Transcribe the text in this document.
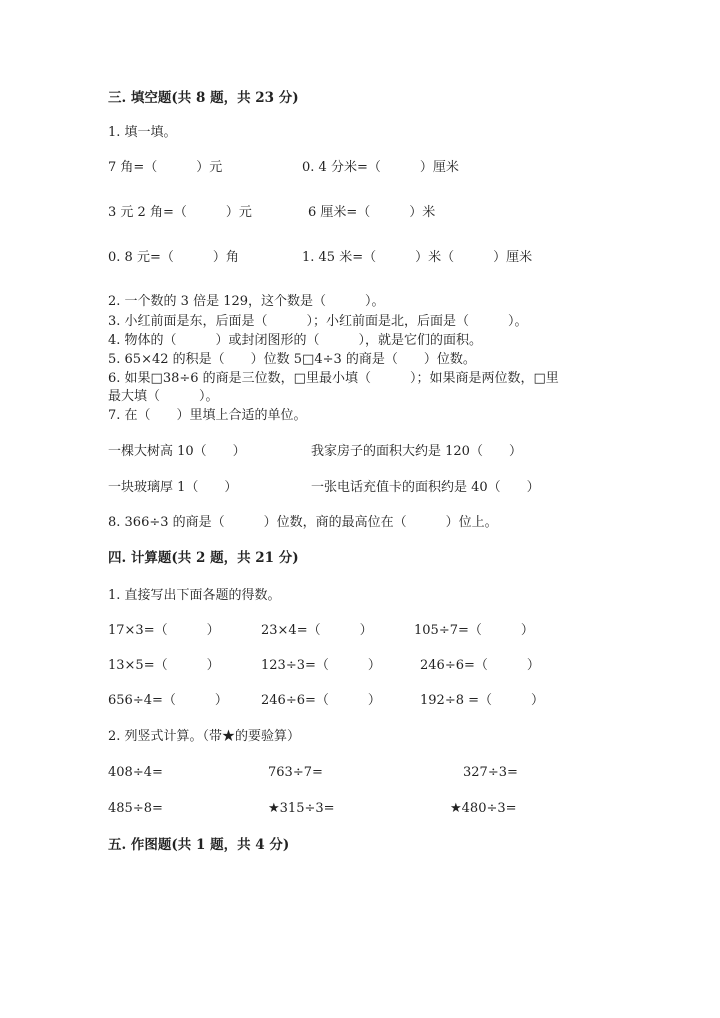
三. 填空题(共 8 题，共 23 分)
1. 填一填。
7 角=（　　　）元	0. 4 分米=（　　　）厘米
3 元 2 角=（　　　）元	6 厘米=（　　　）米
0. 8 元=（　　　）角	1. 45 米=（　　　）米（　　　）厘米
2. 一个数的 3 倍是 129，这个数是（　　　）。
3. 小红前面是东，后面是（　　　）；小红前面是北，后面是（　　　）。
4. 物体的（　　　）或封闭图形的（　　　），就是它们的面积。
5. 65×42 的积是（　　）位数 5□4÷3 的商是（　　）位数。
6. 如果□38÷6 的商是三位数，□里最小填（　　　）；如果商是两位数，□里
最大填（　　　）。
7. 在（　　）里填上合适的单位。
一棵大树高 10（　　）	我家房子的面积大约是 120（　　）
一块玻璃厚 1（　　）	一张电话充值卡的面积约是 40（　　）
8. 366÷3 的商是（　　　）位数，商的最高位在（　　　）位上。
四. 计算题(共 2 题，共 21 分)
1. 直接写出下面各题的得数。
17×3=（　　　）	23×4=（　　　）	105÷7=（　　　）
13×5=（　　　）	123÷3=（　　　）	246÷6=（　　　）
656÷4=（　　　）	246÷6=（　　　）	192÷8 =（　　　）
2. 列竖式计算。（带★的要验算）
408÷4=	763÷7=	327÷3=
485÷8=	★315÷3=	★480÷3=
五. 作图题(共 1 题，共 4 分)
